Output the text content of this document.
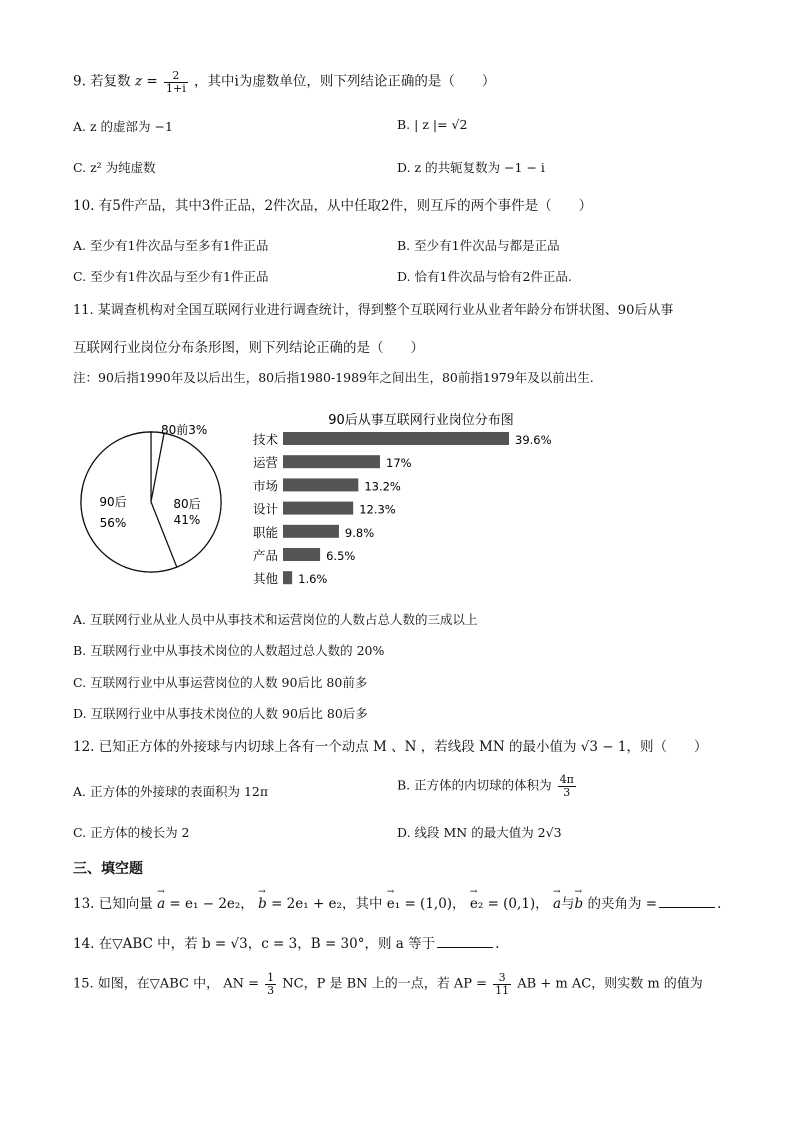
9. 若复数 $z = \frac{2}{1+i}$ ，其中i为虚数单位，则下列结论正确的是（　　）
A. z 的虚部为 −1	B. | z |= √2
C. z² 为纯虚数	D. z 的共轭复数为 −1 − i
10. 有5件产品，其中3件正品，2件次品，从中任取2件，则互斥的两个事件是（　　）
A. 至少有1件次品与至多有1件正品	B. 至少有1件次品与都是正品
C. 至少有1件次品与至少有1件正品	D. 恰有1件次品与恰有2件正品.
11. 某调查机构对全国互联网行业进行调查统计，得到整个互联网行业从业者年龄分布饼状图、90后从事
互联网行业岗位分布条形图，则下列结论正确的是（　　）
注：90后指1990年及以后出生，80后指1980-1989年之间出生，80前指1979年及以前出生.
80前3%
80后
41%
90后
56%
90后从事互联网行业岗位分布图
技术	39.6%
运营	17%
市场	13.2%
设计	12.3%
职能	9.8%
产品	6.5%
其他 1.6%
A. 互联网行业从业人员中从事技术和运营岗位的人数占总人数的三成以上
B. 互联网行业中从事技术岗位的人数超过总人数的 20%
C. 互联网行业中从事运营岗位的人数 90后比 80前多
D. 互联网行业中从事技术岗位的人数 90后比 80后多
12. 已知正方体的外接球与内切球上各有一个动点 M 、N ，若线段 MN 的最小值为 √3 − 1，则（　　）
A. 正方体的外接球的表面积为 12π	B. 正方体的内切球的体积为 $\frac{4\pi}{3}$
C. 正方体的棱长为 2	D. 线段 MN 的最大值为 2√3
三、填空题
13. 已知向量 → a = e₁ − 2e₂， → b = 2e₁ + e₂，其中 → e₁ = (1,0)， → e₂ = (0,1)， → a与→ b 的夹角为 =	.
14. 在▽ABC 中，若 b = √3，c = 3，B = 30°，则 a 等于	.
15. 如图，在▽ABC 中， AN = $\frac{1}{3}$ NC，P 是 BN 上的一点，若 AP = $\frac{3}{11}$ AB + m AC，则实数 m 的值为
